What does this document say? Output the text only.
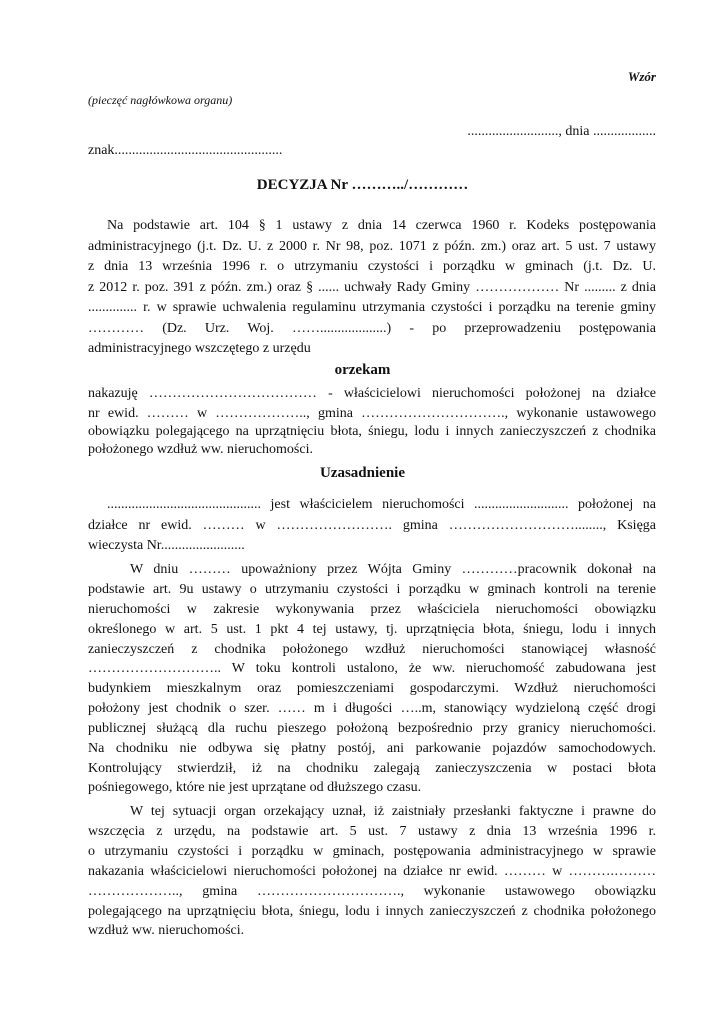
Wzór
(pieczęć nagłówkowa organu)
.........................., dnia ..................
znak................................................
DECYZJA Nr ………../…………
Na podstawie art. 104 § 1 ustawy z dnia 14 czerwca 1960 r. Kodeks postępowania
administracyjnego (j.t. Dz. U. z 2000 r. Nr 98, poz. 1071 z późn. zm.) oraz art. 5 ust. 7 ustawy
z dnia 13 września 1996 r. o utrzymaniu czystości i porządku w gminach (j.t. Dz. U.
z 2012 r. poz. 391 z późn. zm.) oraz § ...... uchwały Rady Gminy ……………… Nr ......... z dnia
.............. r. w sprawie uchwalenia regulaminu utrzymania czystości i porządku na terenie gminy
………… (Dz. Urz. Woj. ……...................) - po przeprowadzeniu postępowania
administracyjnego wszczętego z urzędu
orzekam
nakazuję ……………………………… - właścicielowi nieruchomości położonej na działce
nr ewid. ……… w ……………….., gmina …………………………., wykonanie ustawowego
obowiązku polegającego na uprzątnięciu błota, śniegu, lodu i innych zanieczyszczeń z chodnika
położonego wzdłuż ww. nieruchomości.
Uzasadnienie
............................................ jest właścicielem nieruchomości ........................... położonej na
działce nr ewid. ……… w ……………………. gmina ………………………........, Księga
wieczysta Nr........................
W dniu ……… upoważniony przez Wójta Gminy …………pracownik dokonał na
podstawie art. 9u ustawy o utrzymaniu czystości i porządku w gminach kontroli na terenie
nieruchomości w zakresie wykonywania przez właściciela nieruchomości obowiązku
określonego w art. 5 ust. 1 pkt 4 tej ustawy, tj. uprzątnięcia błota, śniegu, lodu i innych
zanieczyszczeń z chodnika położonego wzdłuż nieruchomości stanowiącej własność
……………………….. W toku kontroli ustalono, że ww. nieruchomość zabudowana jest
budynkiem mieszkalnym oraz pomieszczeniami gospodarczymi. Wzdłuż nieruchomości
położony jest chodnik o szer. …… m i długości …..m, stanowiący wydzieloną część drogi
publicznej służącą dla ruchu pieszego położoną bezpośrednio przy granicy nieruchomości.
Na chodniku nie odbywa się płatny postój, ani parkowanie pojazdów samochodowych.
Kontrolujący stwierdził, iż na chodniku zalegają zanieczyszczenia w postaci błota
pośniegowego, które nie jest uprzątane od dłuższego czasu.
W tej sytuacji organ orzekający uznał, iż zaistniały przesłanki faktyczne i prawne do
wszczęcia z urzędu, na podstawie art. 5 ust. 7 ustawy z dnia 13 września 1996 r.
o utrzymaniu czystości i porządku w gminach, postępowania administracyjnego w sprawie
nakazania właścicielowi nieruchomości położonej na działce nr ewid. ……… w ……….………
……………….., gmina …………………………., wykonanie ustawowego obowiązku
polegającego na uprzątnięciu błota, śniegu, lodu i innych zanieczyszczeń z chodnika położonego
wzdłuż ww. nieruchomości.
